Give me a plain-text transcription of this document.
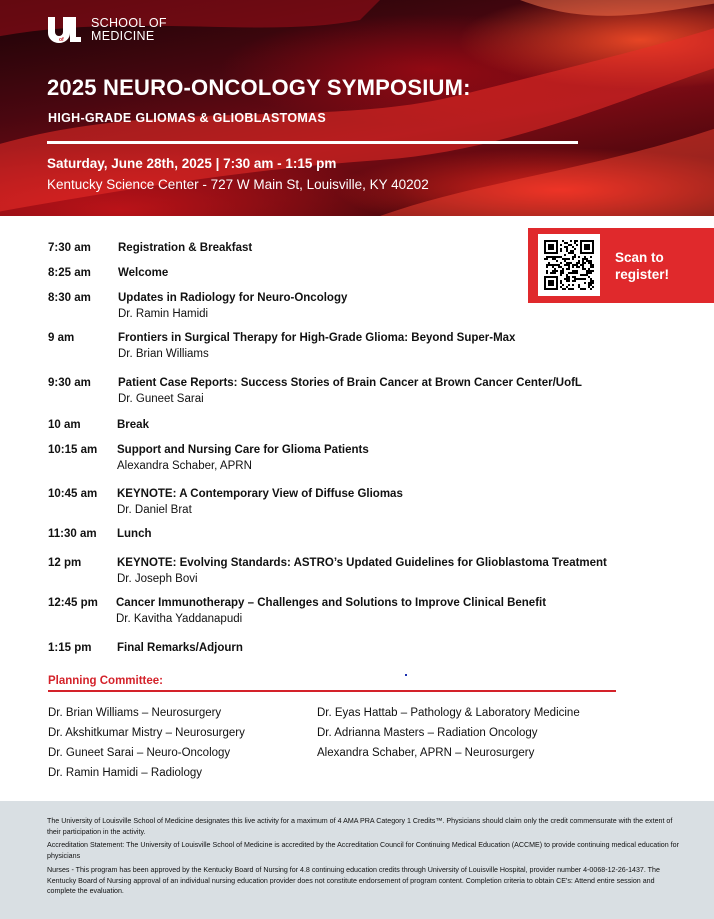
of
SCHOOL OF
MEDICINE
2025 NEURO-ONCOLOGY SYMPOSIUM:
HIGH-GRADE GLIOMAS & GLIOBLASTOMAS
Saturday, June 28th, 2025 | 7:30 am - 1:15 pm
Kentucky Science Center - 727 W Main St, Louisville, KY 40202
Scan to
register!
7:30 am Registration & Breakfast
8:25 am Welcome
8:30 am Updates in Radiology for Neuro-Oncology
Dr. Ramin Hamidi
9 am	Frontiers in Surgical Therapy for High-Grade Glioma: Beyond Super-Max
Dr. Brian Williams
9:30 am Patient Case Reports: Success Stories of Brain Cancer at Brown Cancer Center/UofL
Dr. Guneet Sarai
10 am	Break
10:15 am Support and Nursing Care for Glioma Patients
Alexandra Schaber, APRN
10:45 am KEYNOTE: A Contemporary View of Diffuse Gliomas
Dr. Daniel Brat
11:30 am Lunch
12 pm	KEYNOTE: Evolving Standards: ASTRO’s Updated Guidelines for Glioblastoma Treatment
Dr. Joseph Bovi
12:45 pm Cancer Immunotherapy – Challenges and Solutions to Improve Clinical Benefit
Dr. Kavitha Yaddanapudi
1:15 pm Final Remarks/Adjourn
Planning Committee:
Dr. Brian Williams – Neurosurgery
Dr. Akshitkumar Mistry – Neurosurgery
Dr. Guneet Sarai – Neuro-Oncology
Dr. Ramin Hamidi – Radiology
Dr. Eyas Hattab – Pathology & Laboratory Medicine
Dr. Adrianna Masters – Radiation Oncology
Alexandra Schaber, APRN – Neurosurgery
The University of Louisville School of Medicine designates this live activity for a maximum of 4 AMA PRA Category 1 Credits™. Physicians should claim only the credit commensurate with the extent of their participation in the activity.
Accreditation Statement: The University of Louisville School of Medicine is accredited by the Accreditation Council for Continuing Medical Education (ACCME) to provide continuing medical education for physicians
Nurses - This program has been approved by the Kentucky Board of Nursing for 4.8 continuing education credits through University of Louisville Hospital, provider number 4-0068-12-26-1437. The Kentucky Board of Nursing approval of an individual nursing education provider does not constitute endorsement of program content. Completion criteria to obtain CE’s: Attend entire session and complete the evaluation.
